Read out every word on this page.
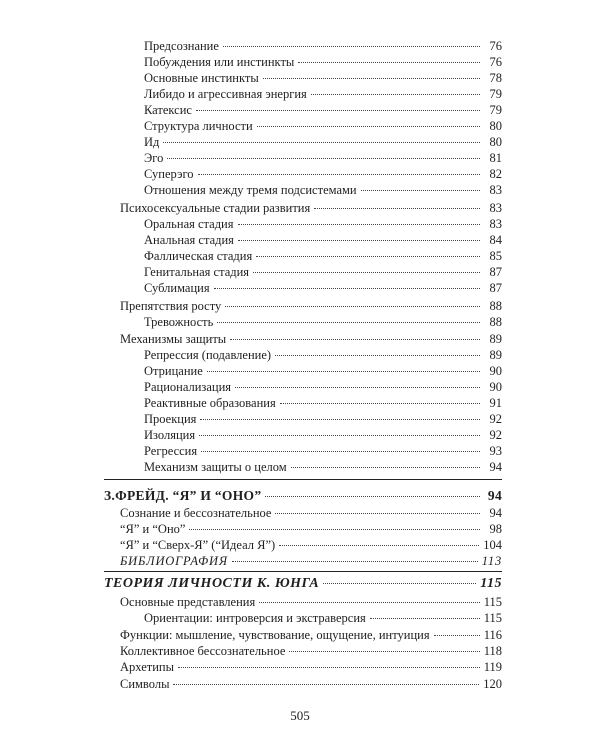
Предсознание	76
Побуждения или инстинкты	76
Основные инстинкты	78
Либидо и агрессивная энергия	79
Катексис	79
Структура личности	80
Ид	80
Эго	81
Суперэго	82
Отношения между тремя подсистемами	83
Психосексуальные стадии развития	83
Оральная стадия	83
Анальная стадия	84
Фаллическая стадия	85
Генитальная стадия	87
Сублимация	87
Препятствия росту	88
Тревожность	88
Механизмы защиты	89
Репрессия (подавление)	89
Отрицание	90
Рационализация	90
Реактивные образования	91
Проекция	92
Изоляция	92
Регрессия	93
Механизм защиты о целом	94
З.ФРЕЙД. “Я” И “ОНО”	94
Сознание и бессознательное	94
“Я” и “Оно”	98
“Я” и “Сверх-Я” (“Идеал Я”)	104
БИБЛИОГРАФИЯ	113
ТЕОРИЯ ЛИЧНОСТИ К. ЮНГА	115
Основные представления	115
Ориентации: интроверсия и экстраверсия	115
Функции: мышление, чувствование, ощущение, интуиция	116
Коллективное бессознательное	118
Архетипы	119
Символы	120
505
